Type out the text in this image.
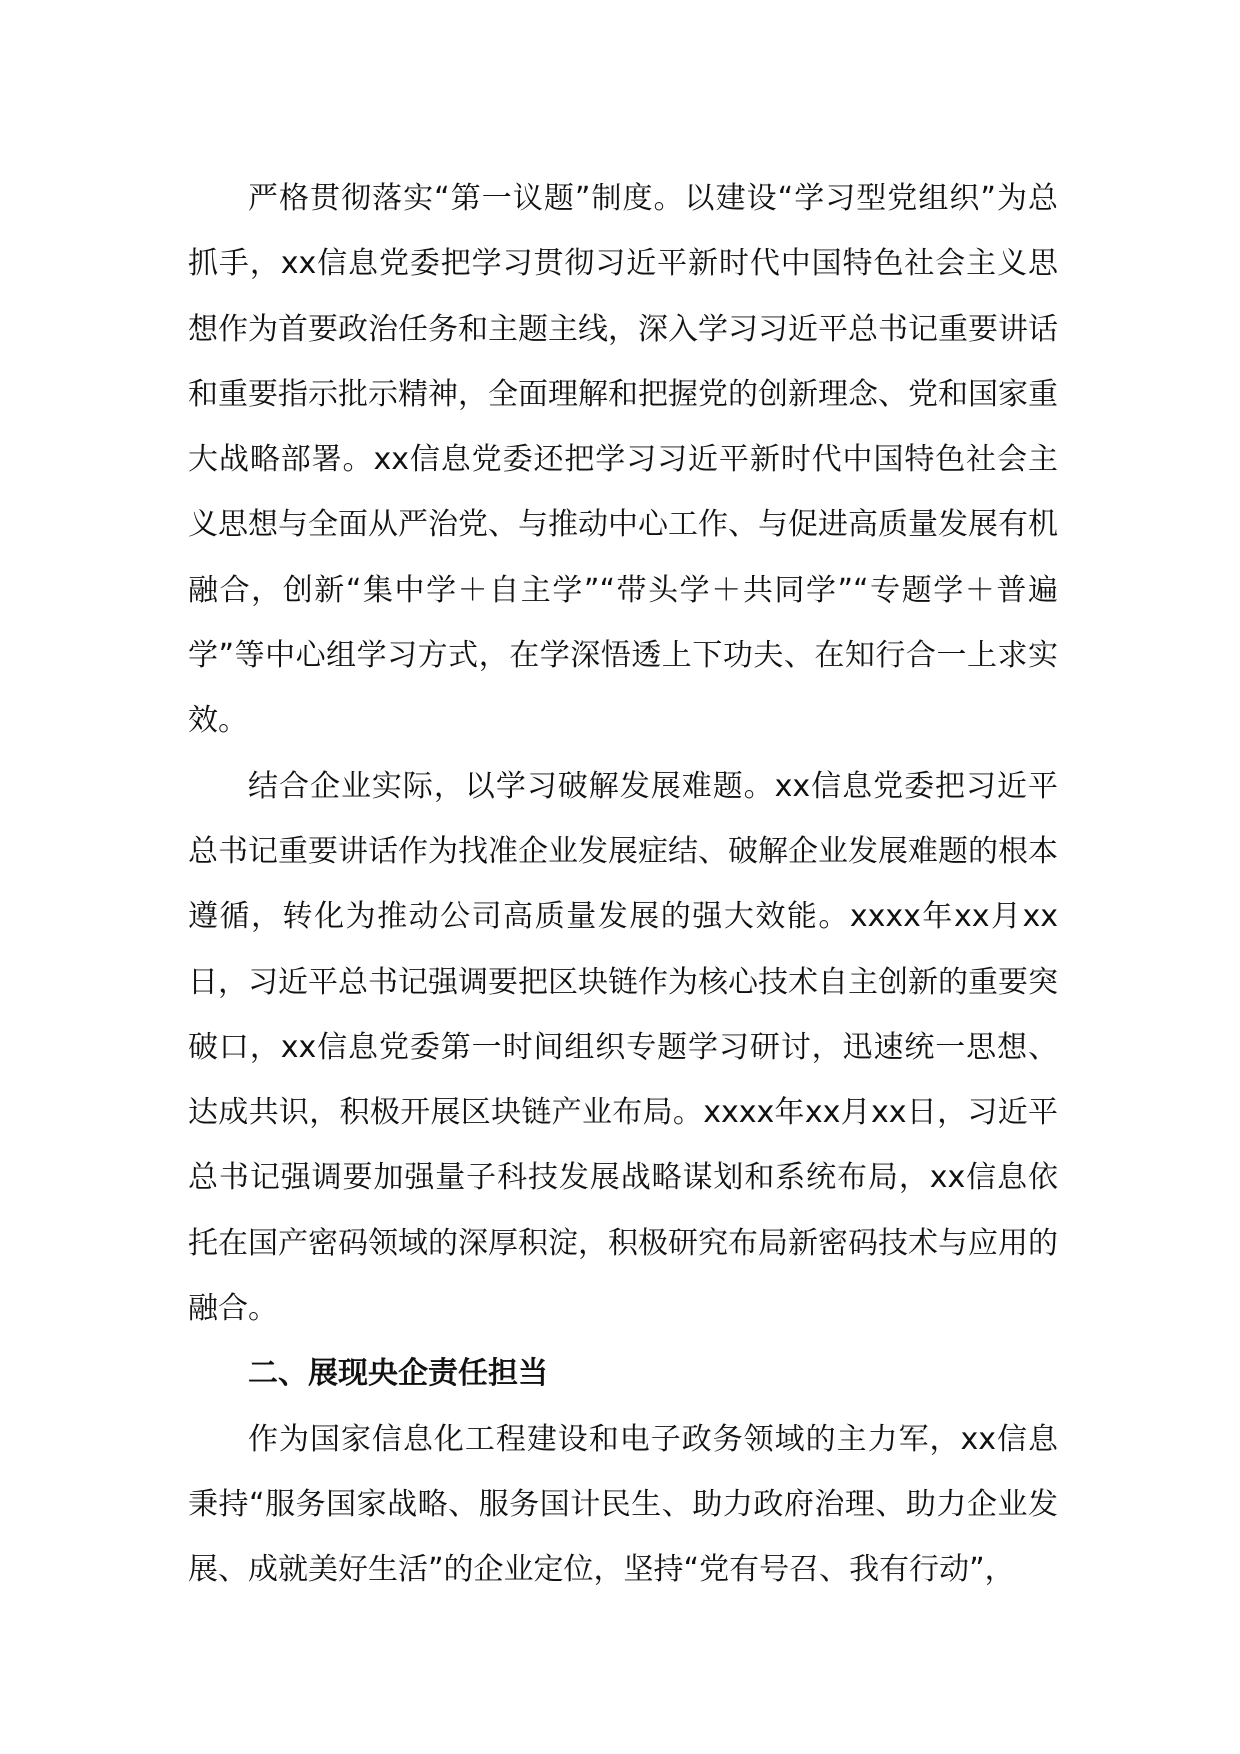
严格贯彻落实“第一议题”制度。以建设“学习型党组织”为总抓手，xx信息党委把学习贯彻习近平新时代中国特色社会主义思想作为首要政治任务和主题主线，深入学习习近平总书记重要讲话和重要指示批示精神，全面理解和把握党的创新理念、党和国家重大战略部署。xx信息党委还把学习习近平新时代中国特色社会主义思想与全面从严治党、与推动中心工作、与促进高质量发展有机融合，创新“集中学＋自主学”“带头学＋共同学”“专题学＋普遍学”等中心组学习方式，在学深悟透上下功夫、在知行合一上求实效。

结合企业实际，以学习破解发展难题。xx信息党委把习近平总书记重要讲话作为找准企业发展症结、破解企业发展难题的根本遵循，转化为推动公司高质量发展的强大效能。xxxx年xx月xx日，习近平总书记强调要把区块链作为核心技术自主创新的重要突破口，xx信息党委第一时间组织专题学习研讨，迅速统一思想、达成共识，积极开展区块链产业布局。xxxx年xx月xx日，习近平总书记强调要加强量子科技发展战略谋划和系统布局，xx信息依托在国产密码领域的深厚积淀，积极研究布局新密码技术与应用的融合。

二、展现央企责任担当

作为国家信息化工程建设和电子政务领域的主力军，xx信息秉持“服务国家战略、服务国计民生、助力政府治理、助力企业发展、成就美好生活”的企业定位，坚持“党有号召、我有行动”，
